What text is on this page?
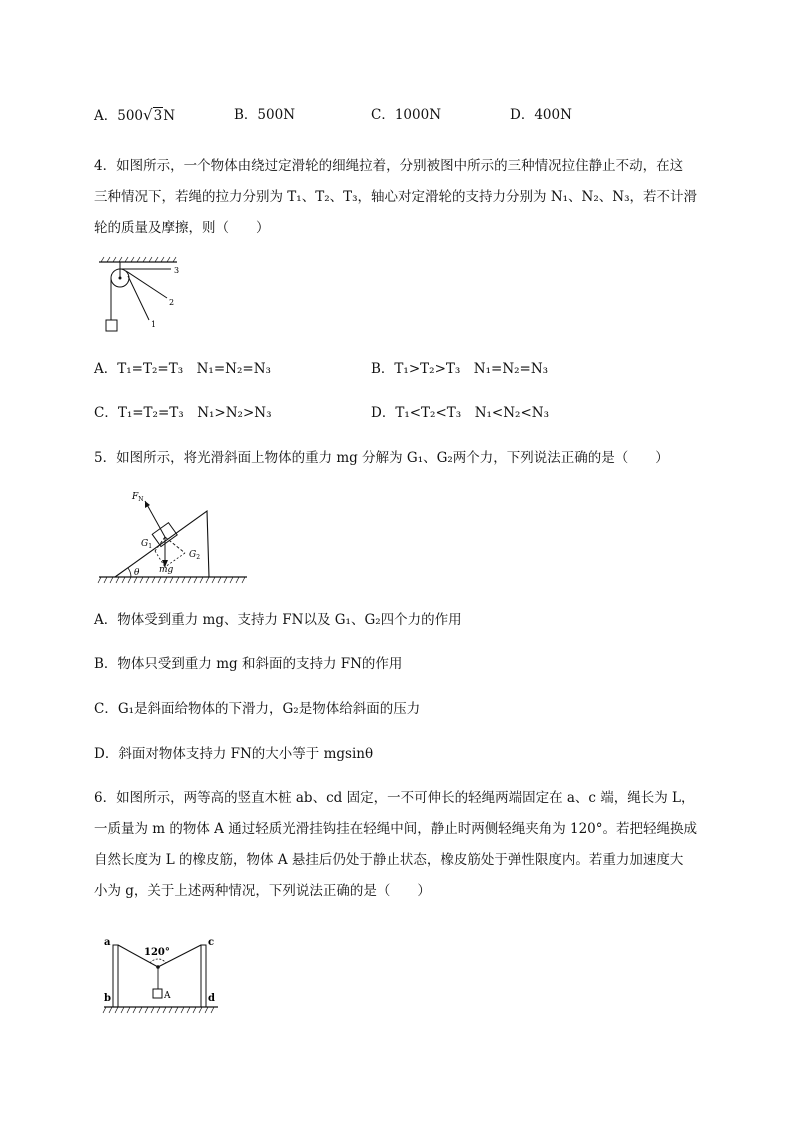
A．500√3N	B．500N	C．1000N	D．400N
4．如图所示，一个物体由绕过定滑轮的细绳拉着，分别被图中所示的三种情况拉住静止不动，在这
三种情况下，若绳的拉力分别为 T₁、T₂、T₃，轴心对定滑轮的支持力分别为 N₁、N₂、N₃，若不计滑
轮的质量及摩擦，则（　　）
3
2
1
A．T₁=T₂=T₃　N₁=N₂=N₃	B．T₁>T₂>T₃　N₁=N₂=N₃
C．T₁=T₂=T₃　N₁>N₂>N₃	D．T₁<T₂<T₃　N₁<N₂<N₃
5．如图所示，将光滑斜面上物体的重力 mg 分解为 G₁、G₂两个力，下列说法正确的是（　　）
$F_N$
$G_1$
$G_2$
mg
θ
A．物体受到重力 mg、支持力 FN以及 G₁、G₂四个力的作用
B．物体只受到重力 mg 和斜面的支持力 FN的作用
C．G₁是斜面给物体的下滑力，G₂是物体给斜面的压力
D．斜面对物体支持力 FN的大小等于 mgsinθ
6．如图所示，两等高的竖直木桩 ab、cd 固定，一不可伸长的轻绳两端固定在 a、c 端，绳长为 L，
一质量为 m 的物体 A 通过轻质光滑挂钩挂在轻绳中间，静止时两侧轻绳夹角为 120°。若把轻绳换成
自然长度为 L 的橡皮筋，物体 A 悬挂后仍处于静止状态，橡皮筋处于弹性限度内。若重力加速度大
小为 g，关于上述两种情况，下列说法正确的是（　　）
a
b
c
d
120°
A
